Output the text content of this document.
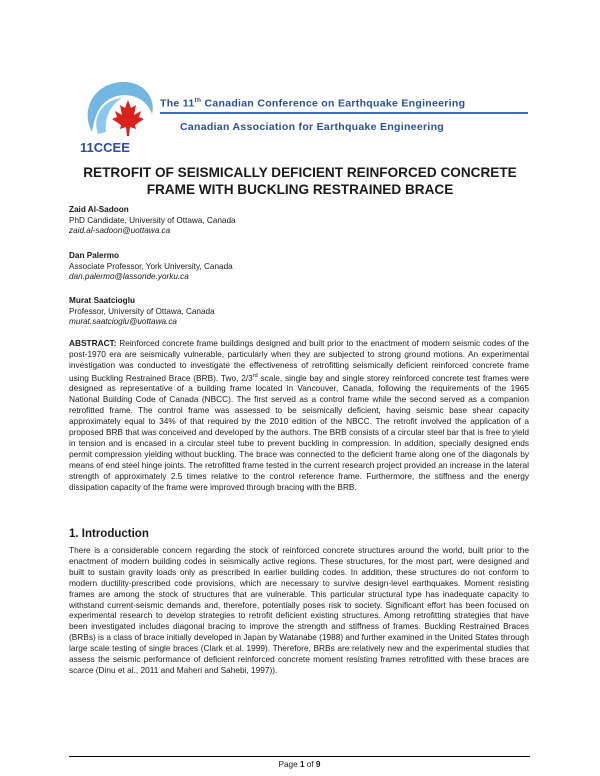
11CCEE
The 11th Canadian Conference on Earthquake Engineering
Canadian Association for Earthquake Engineering
RETROFIT OF SEISMICALLY DEFICIENT REINFORCED CONCRETE FRAME WITH BUCKLING RESTRAINED BRACE
Zaid Al-Sadoon
PhD Candidate, University of Ottawa, Canada
zaid.al-sadoon@uottawa.ca
Dan Palermo
Associate Professor, York University, Canada
dan.palermo@lassonde.yorku.ca
Murat Saatcioglu
Professor, University of Ottawa, Canada
murat.saatcioglu@uottawa.ca
ABSTRACT: Reinforced concrete frame buildings designed and built prior to the enactment of modern seismic codes of the post-1970 era are seismically vulnerable, particularly when they are subjected to strong ground motions. An experimental investigation was conducted to investigate the effectiveness of retrofitting seismically deficient reinforced concrete frame using Buckling Restrained Brace (BRB). Two, 2/3rd scale, single bay and single storey reinforced concrete test frames were designed as representative of a building frame located in Vancouver, Canada, following the requirements of the 1965 National Building Code of Canada (NBCC). The first served as a control frame while the second served as a companion retrofitted frame. The control frame was assessed to be seismically deficient, having seismic base shear capacity approximately equal to 34% of that required by the 2010 edition of the NBCC. The retrofit involved the application of a proposed BRB that was conceived and developed by the authors. The BRB consists of a circular steel bar that is free to yield in tension and is encased in a circular steel tube to prevent buckling in compression. In addition, specially designed ends permit compression yielding without buckling. The brace was connected to the deficient frame along one of the diagonals by means of end steel hinge joints. The retrofitted frame tested in the current research project provided an increase in the lateral strength of approximately 2.5 times relative to the control reference frame. Furthermore, the stiffness and the energy dissipation capacity of the frame were improved through bracing with the BRB.
1. Introduction
There is a considerable concern regarding the stock of reinforced concrete structures around the world, built prior to the enactment of modern building codes in seismically active regions. These structures, for the most part, were designed and built to sustain gravity loads only as prescribed in earlier building codes. In addition, these structures do not conform to modern ductility-prescribed code provisions, which are necessary to survive design-level earthquakes. Moment resisting frames are among the stock of structures that are vulnerable. This particular structural type has inadequate capacity to withstand current-seismic demands and, therefore, potentially poses risk to society. Significant effort has been focused on experimental research to develop strategies to retrofit deficient existing structures. Among retrofitting strategies that have been investigated includes diagonal bracing to improve the strength and stiffness of frames. Buckling Restrained Braces (BRBs) is a class of brace initially developed in Japan by Watanabe (1988) and further examined in the United States through large scale testing of single braces (Clark et al. 1999). Therefore, BRBs are relatively new and the experimental studies that assess the seismic performance of deficient reinforced concrete moment resisting frames retrofitted with these braces are scarce (Dinu et al., 2011 and Maheri and Sahebi, 1997)).
Page 1 of 9
